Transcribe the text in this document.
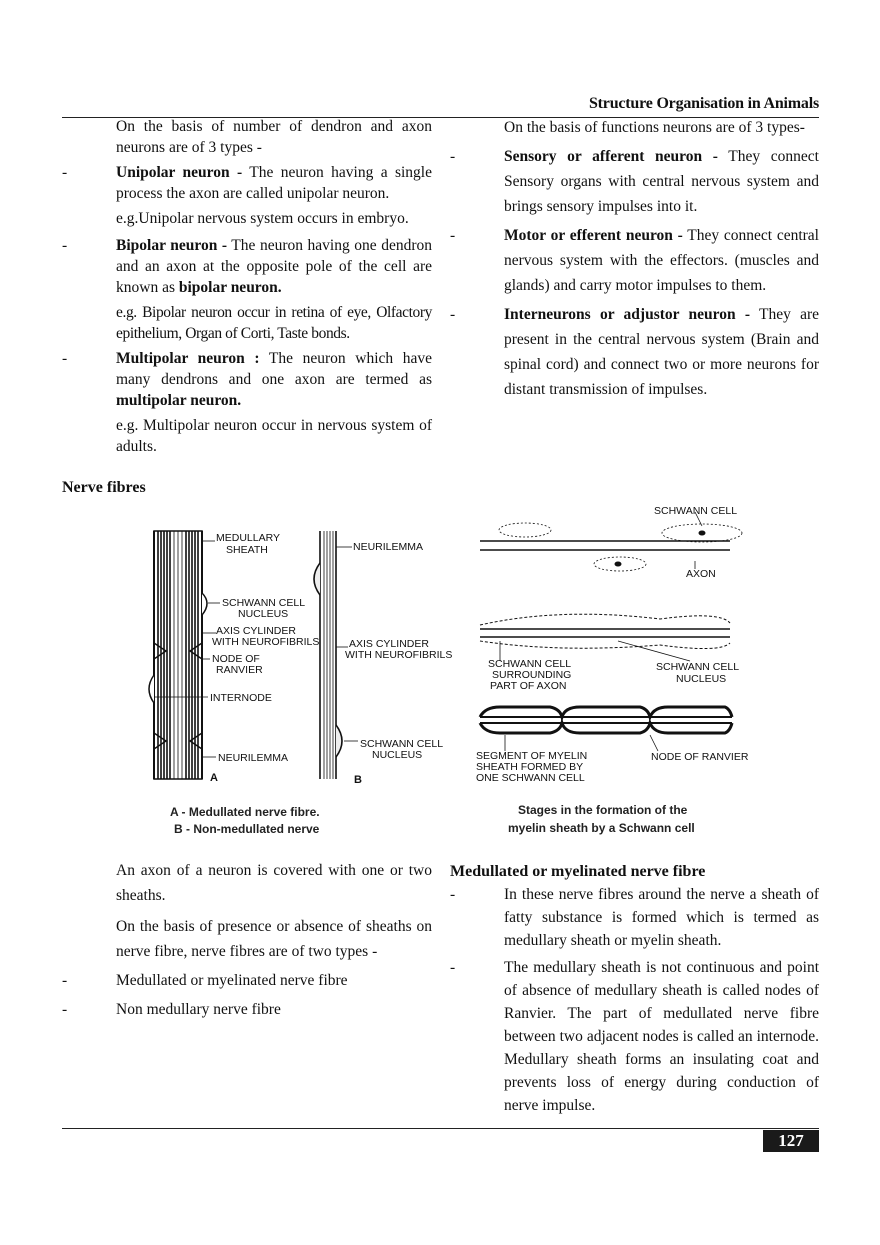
Structure Organisation in Animals

On the basis of number of dendron and axon neurons are of 3 types -

-	Unipolar neuron - The neuron having a single process the axon are called unipolar neuron.

e.g.Unipolar nervous system occurs in embryo.

-	Bipolar neuron - The neuron having one dendron and an axon at the opposite pole of the cell are known as bipolar neuron.

e.g. Bipolar neuron occur in retina of eye, Olfactory epithelium, Organ of Corti, Taste bonds.

-	Multipolar neuron : The neuron which have many dendrons and one axon are termed as multipolar neuron.

e.g. Multipolar neuron occur in nervous system of adults.

On the basis of functions neurons are of 3 types-

-	Sensory or afferent neuron - They connect Sensory organs with central nervous system and brings sensory impulses into it.
-	Motor or efferent neuron - They connect central nervous system with the effectors. (muscles and glands) and carry motor impulses to them.
-	Interneurons or adjustor neuron - They are present in the central nervous system (Brain and spinal cord) and connect two or more neurons for distant transmission of impulses.
Nerve fibres
MEDULLARY
SHEATH	NEURILEMMA
SCHWANN CELL
NUCLEUS
AXIS CYLINDER
WITH NEUROFIBRILS	AXIS CYLINDER
WITH NEUROFIBRILS
NODE OF
RANVIER
INTERNODE
NEURILEMMA
SCHWANN CELL
NUCLEUS
A	B
A - Medullated nerve fibre.
B - Non-medullated nerve
SCHWANN CELL
AXON
SCHWANN CELL
SURROUNDING
PART OF AXON
SCHWANN CELL
NUCLEUS
SEGMENT OF MYELIN
SHEATH FORMED BY
ONE SCHWANN CELL
NODE OF RANVIER
Stages in the formation of the
myelin sheath by a Schwann cell

An axon of a neuron is covered with one or two sheaths.

On the basis of presence or absence of sheaths on nerve fibre, nerve fibres are of two types -

-	Medullated or myelinated nerve fibre
-	Non medullary nerve fibre
Medullated or myelinated nerve fibre
-	In these nerve fibres around the nerve a sheath of fatty substance is formed which is termed as medullary sheath or myelin sheath.
-	The medullary sheath is not continuous and point of absence of medullary sheath is called nodes of Ranvier. The part of medullated nerve fibre between two adjacent nodes is called an internode. Medullary sheath forms an insulating coat and prevents loss of energy during conduction of nerve impulse.
127
